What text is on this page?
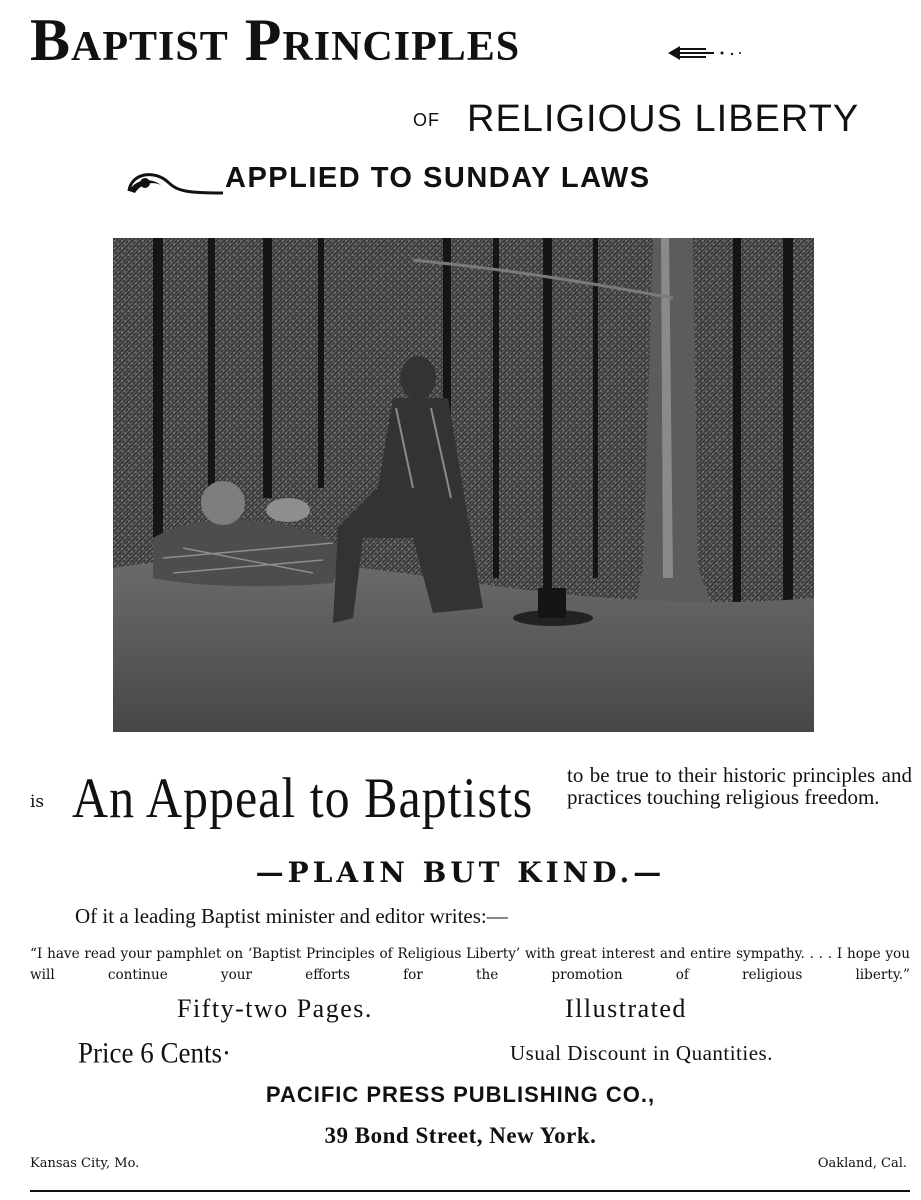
Baptist Principles
OF RELIGIOUS LIBERTY
APPLIED TO SUNDAY LAWS
is An Appeal to Baptists to be true to their historic principles and practices touching religious freedom.
—PLAIN BUT KIND.—
Of it a leading Baptist minister and editor writes:—
“I have read your pamphlet on ‘Baptist Principles of Religious Liberty’ with great interest and entire sympathy. . . . I hope you will continue your efforts for the promotion of religious liberty.”
Fifty-two Pages.	Illustrated
Price 6 Cents·	Usual Discount in Quantities.
PACIFIC PRESS PUBLISHING CO.,
39 Bond Street, New York.
Kansas City, Mo.	Oakland, Cal.
